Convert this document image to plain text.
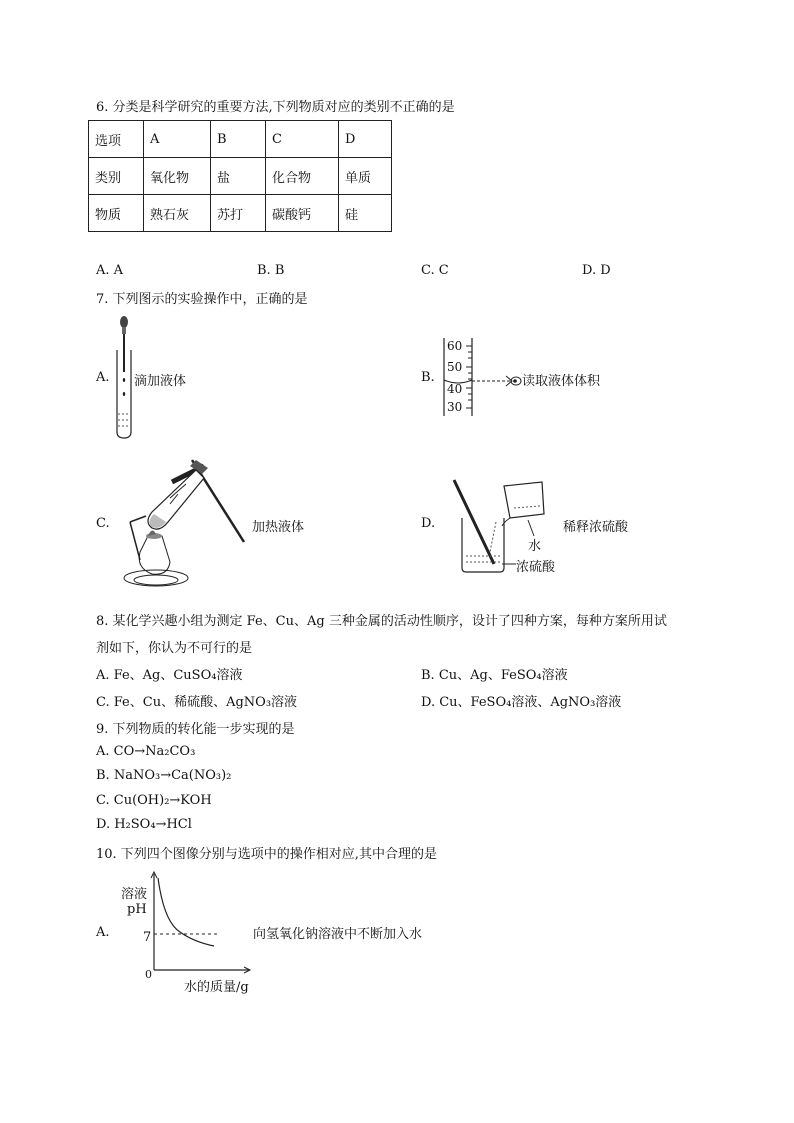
6. 分类是科学研究的重要方法,下列物质对应的类别不正确的是
选项	A	B	C	D
类别	氧化物	盐	化合物	单质
物质	熟石灰	苏打	碳酸钙	硅
A. A	B. B	C. C	D. D
7. 下列图示的实验操作中，正确的是
A. 滴加液体	B.
60
50
40
30
读取液体体积
C.	加热液体	D.
水
浓硫酸
稀释浓硫酸
8. 某化学兴趣小组为测定 Fe、Cu、Ag 三种金属的活动性顺序，设计了四种方案，每种方案所用试
剂如下，你认为不可行的是
A. Fe、Ag、CuSO₄溶液	B. Cu、Ag、FeSO₄溶液
C. Fe、Cu、稀硫酸、AgNO₃溶液	D. Cu、FeSO₄溶液、AgNO₃溶液
9. 下列物质的转化能一步实现的是
A. CO→Na₂CO₃
B. NaNO₃→Ca(NO₃)₂
C. Cu(OH)₂→KOH
D. H₂SO₄→HCl
10. 下列四个图像分别与选项中的操作相对应,其中合理的是
A.
溶液
pH
7
0
水的质量/g
向氢氧化钠溶液中不断加入水
